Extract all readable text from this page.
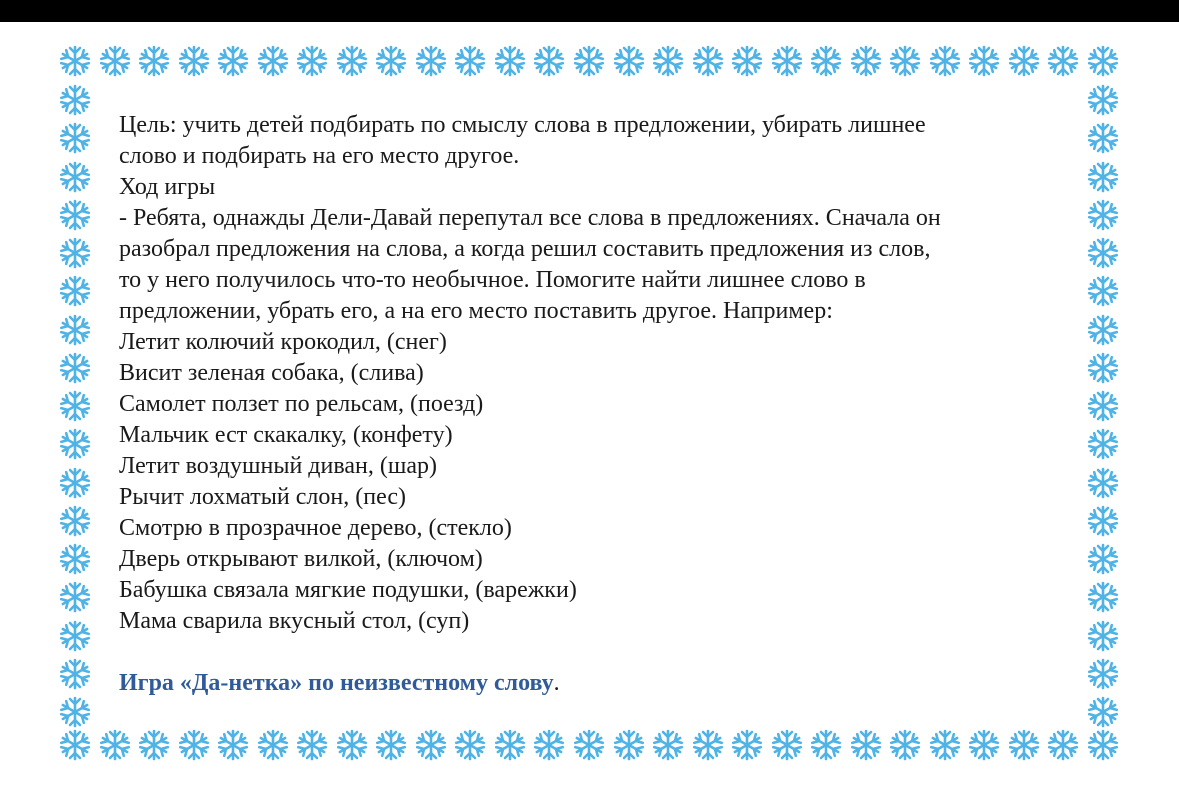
Цель: учить детей подбирать по смыслу слова в предложении, убирать лишнее

слово и подбирать на его место другое.

Ход игры

- Ребята, однажды Дели-Давай перепутал все слова в предложениях. Сначала он

разобрал предложения на слова, а когда решил составить предложения из слов,

то у него получилось что-то необычное. Помогите найти лишнее слово в

предложении, убрать его, а на его место поставить другое. Например:

Летит колючий крокодил, (снег)

Висит зеленая собака, (слива)

Самолет ползет по рельсам, (поезд)

Мальчик ест скакалку, (конфету)

Летит воздушный диван, (шар)

Рычит лохматый слон, (пес)

Смотрю в прозрачное дерево, (стекло)

Дверь открывают вилкой, (ключом)

Бабушка связала мягкие подушки, (варежки)

Мама сварила вкусный стол, (суп)

Игра «Да-нетка» по неизвестному слову.
